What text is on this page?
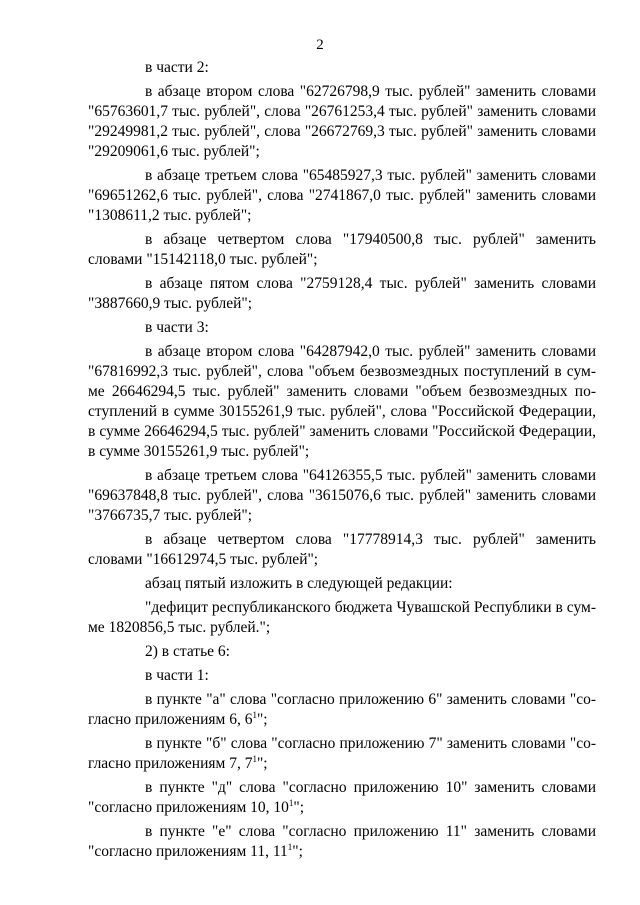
2

в части 2:

в абзаце втором слова "62726798,9 тыс. рублей" заменить словами "65763601,7 тыс. рублей", слова "26761253,4 тыс. рублей" заменить словами "29249981,2 тыс. рублей", слова "26672769,3 тыс. рублей" заменить словами "29209061,6 тыс. рублей";

в абзаце третьем слова "65485927,3 тыс. рублей" заменить словами "69651262,6 тыс. рублей", слова "2741867,0 тыс. рублей" заменить словами "1308611,2 тыс. рублей";

в абзаце четвертом слова "17940500,8 тыс. рублей" заменить словами "15142118,0 тыс. рублей";

в абзаце пятом слова "2759128,4 тыс. рублей" заменить словами "3887660,9 тыс. рублей";

в части 3:

в абзаце втором слова "64287942,0 тыс. рублей" заменить словами "67816992,3 тыс. рублей", слова "объем безвозмездных поступлений в сумме 26646294,5 тыс. рублей" заменить словами "объем безвозмездных поступлений в сумме 30155261,9 тыс. рублей", слова "Российской Федерации, в сумме 26646294,5 тыс. рублей" заменить словами "Российской Федерации, в сумме 30155261,9 тыс. рублей";

в абзаце третьем слова "64126355,5 тыс. рублей" заменить словами "69637848,8 тыс. рублей", слова "3615076,6 тыс. рублей" заменить словами "3766735,7 тыс. рублей";

в абзаце четвертом слова "17778914,3 тыс. рублей" заменить словами "16612974,5 тыс. рублей";

абзац пятый изложить в следующей редакции:

"дефицит республиканского бюджета Чувашской Республики в сумме 1820856,5 тыс. рублей.";

2) в статье 6:

в части 1:

в пункте "а" слова "согласно приложению 6" заменить словами "согласно приложениям 6, $6^1$";

в пункте "б" слова "согласно приложению 7" заменить словами "согласно приложениям 7, $7^1$";

в пункте "д" слова "согласно приложению 10" заменить словами "согласно приложениям 10, $10^1$";

в пункте "е" слова "согласно приложению 11" заменить словами "согласно приложениям 11, $11^1$";
